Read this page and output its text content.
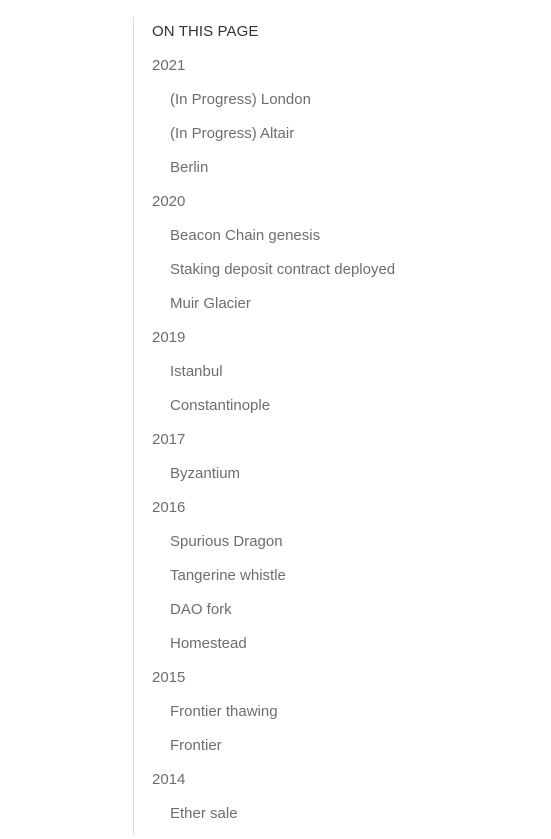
ON THIS PAGE
2021
(In Progress) London
(In Progress) Altair
Berlin
2020
Beacon Chain genesis
Staking deposit contract deployed
Muir Glacier
2019
Istanbul
Constantinople
2017
Byzantium
2016
Spurious Dragon
Tangerine whistle
DAO fork
Homestead
2015
Frontier thawing
Frontier
2014
Ether sale
